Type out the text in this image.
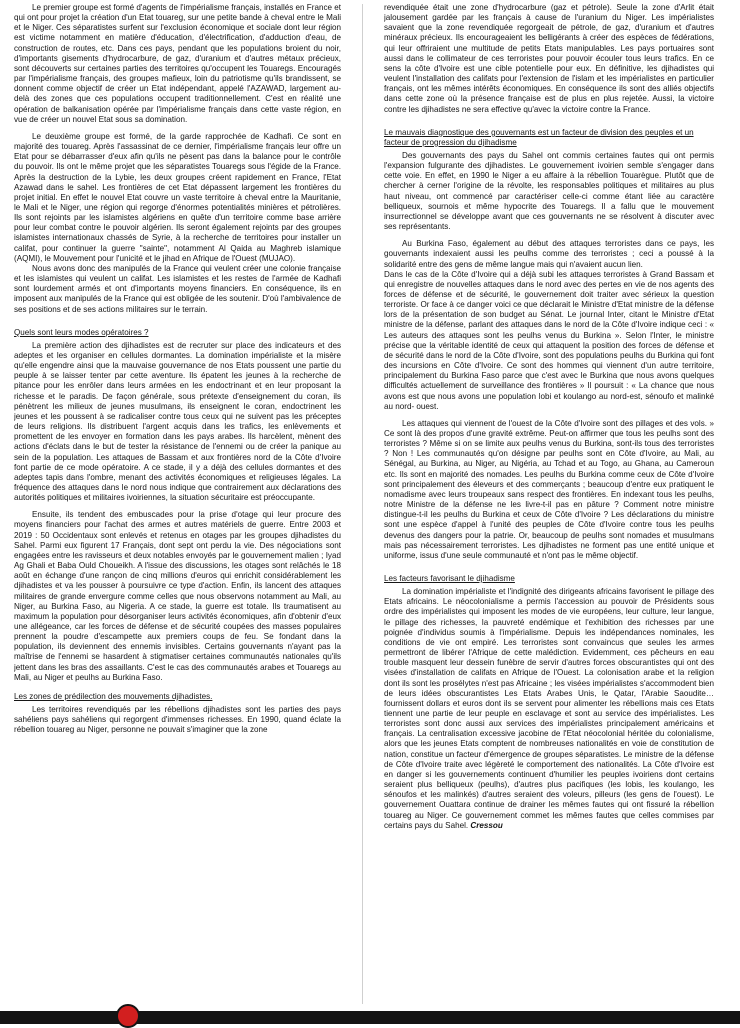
Le premier groupe est formé d'agents de l'impérialisme français, installés en France et qui ont pour projet la création d'un Etat touareg, sur une petite bande à cheval entre le Mali et le Niger. Ces séparatistes surfent sur l'exclusion économique et sociale dont leur région est victime notamment en matière d'éducation, d'électrification, d'adduction d'eau, de construction de routes, etc. Dans ces pays, pendant que les populations broient du noir, d'importants gisements d'hydrocarbure, de gaz, d'uranium et d'autres métaux précieux, sont découverts sur certaines parties des territoires qu'occupent les Touaregs. Encouragés par l'impérialisme français, des groupes mafieux, loin du patriotisme qu'ils brandissent, se donnent comme objectif de créer un Etat indépendant, appelé l'AZAWAD, largement au-delà des zones que ces populations occupent traditionnellement. C'est en réalité une opération de balkanisation opérée par l'impérialisme français dans cette vaste région, en vue de créer un nouvel Etat sous sa domination.

Le deuxième groupe est formé, de la garde rapprochée de Kadhafi. Ce sont en majorité des touareg. Après l'assassinat de ce dernier, l'impérialisme français leur offre un Etat pour se débarrasser d'eux afin qu'ils ne pèsent pas dans la balance pour le contrôle du pouvoir. Ils ont le même projet que les séparatistes Touaregs sous l'égide de la France. Après la destruction de la Lybie, les deux groupes créent rapidement en France, l'Etat Azawad dans le sahel. Les frontières de cet Etat dépassent largement les frontières du projet initial. En effet le nouvel Etat couvre un vaste territoire à cheval entre la Mauritanie, le Mali et le Niger, une région qui regorge d'énormes potentialités minières et pétrolières. Ils sont rejoints par les islamistes algériens en quête d'un territoire comme base arrière pour leur combat contre le pouvoir algérien. Ils seront également rejoints par des groupes islamistes internationaux chassés de Syrie, à la recherche de territoires pour installer un califat, pour continuer la guerre "sainte", notamment Al Qaida au Maghreb islamique (AQMI), le Mouvement pour l'unicité et le jihad en Afrique de l'Ouest (MUJAO).

Nous avons donc des manipulés de la France qui veulent créer une colonie française et les islamistes qui veulent un califat. Les islamistes et les restes de l'armée de Kadhafi sont lourdement armés et ont d'importants moyens financiers. En conséquence, ils en imposent aux manipulés de la France qui est obligée de les soutenir. D'où l'ambivalence de ses positions et de ses actions militaires sur le terrain.

Quels sont leurs modes opératoires ?

La première action des djihadistes est de recruter sur place des indicateurs et des adeptes et les organiser en cellules dormantes. La domination impérialiste et la misère qu'elle engendre ainsi que la mauvaise gouvernance de nos Etats poussent une partie du peuple à se laisser tenter par cette aventure. Ils épatent les jeunes à la recherche de pitance pour les enrôler dans leurs armées en les endoctrinant et en leur proposant la richesse et le paradis. De façon générale, sous prétexte d'enseignement du coran, ils pénètrent les milieux de jeunes musulmans, ils enseignent le coran, endoctrinent les jeunes et les poussent à se radicaliser contre tous ceux qui ne suivent pas les préceptes de leurs religions. Ils distribuent l'argent acquis dans les trafics, les enlèvements et promettent de les envoyer en formation dans les pays arabes. Ils harcèlent, mènent des actions d'éclats dans le but de tester la résistance de l'ennemi ou de créer la panique au sein de la population. Les attaques de Bassam et aux frontières nord de la Côte d'Ivoire font partie de ce mode opératoire. A ce stade, il y a déjà des cellules dormantes et des adeptes tapis dans l'ombre, menant des activités économiques et religieuses légales. La fréquence des attaques dans le nord nous indique que contrairement aux déclarations des autorités politiques et militaires ivoiriennes, la situation sécuritaire est préoccupante.

Ensuite, ils tendent des embuscades pour la prise d'otage qui leur procure des moyens financiers pour l'achat des armes et autres matériels de guerre. Entre 2003 et 2019 : 50 Occidentaux sont enlevés et retenus en otages par les groupes djihadistes du Sahel. Parmi eux figurent 17 Français, dont sept ont perdu la vie. Des négociations sont engagées entre les ravisseurs et deux notables envoyés par le gouvernement malien ; Iyad Ag Ghali et Baba Ould Choueikh. A l'issue des discussions, les otages sont relâchés le 18 août en échange d'une rançon de cinq millions d'euros qui enrichit considérablement les djihadistes et va les pousser à poursuivre ce type d'action. Enfin, ils lancent des attaques militaires de grande envergure comme celles que nous observons notamment au Mali, au Niger, au Burkina Faso, au Nigeria. A ce stade, la guerre est totale. Ils traumatisent au maximum la population pour désorganiser leurs activités économiques, afin d'obtenir d'eux une allégeance, car les forces de défense et de sécurité coupées des masses populaires prennent la poudre d'escampette aux premiers coups de feu. Se fondant dans la population, ils deviennent des ennemis invisibles. Certains gouvernants n'ayant pas la maîtrise de l'ennemi se hasardent à stigmatiser certaines communautés nationales qu'ils jettent dans les bras des assaillants. C'est le cas des communautés arabes et Touaregs au Mali, au Niger et peulhs au Burkina Faso.

Les zones de prédilection des mouvements djihadistes.

Les territoires revendiqués par les rébellions djihadistes sont les parties des pays sahéliens pays sahéliens qui regorgent d'immenses richesses. En 1990, quand éclate la rébellion touareg au Niger, personne ne pouvait s'imaginer que la zone

revendiquée était une zone d'hydrocarbure (gaz et pétrole). Seule la zone d'Arlit était jalousement gardée par les français à cause de l'uranium du Niger. Les impérialistes savaient que la zone revendiquée regorgeait de pétrole, de gaz, d'uranium et d'autres minéraux précieux. Ils encourageaient les belligérants à créer des espèces de fédérations, qui leur offriraient une multitude de petits Etats manipulables. Les pays portuaires sont aussi dans le collimateur de ces terroristes pour pouvoir écouler tous leurs trafics. En ce sens la côte d'Ivoire est une cible potentielle pour eux. En définitive, les djihadistes qui veulent l'installation des califats pour l'extension de l'islam et les impérialistes en particulier français, ont les mêmes intérêts économiques. En conséquence ils sont des alliés objectifs dans cette zone où la présence française est de plus en plus rejetée. Aussi, la victoire contre les djihadistes ne sera effective qu'avec la victoire contre la France.

Le mauvais diagnostique des gouvernants est un facteur de division des peuples et un facteur de progression du djihadisme

Des gouvernants des pays du Sahel ont commis certaines fautes qui ont permis l'expansion fulgurante des djihadistes. Le gouvernement ivoirien semble s'engager dans cette voie. En effet, en 1990 le Niger a eu affaire à la rébellion Touarègue. Plutôt que de chercher à cerner l'origine de la révolte, les responsables politiques et militaires au plus haut niveau, ont commencé par caractériser celle-ci comme étant liée au caractère belliqueux, sournois et même hypocrite des Touaregs. Il a fallu que le mouvement insurrectionnel se développe avant que ces gouvernants ne se résolvent à discuter avec ses représentants.

Au Burkina Faso, également au début des attaques terroristes dans ce pays, les gouvernants indexaient aussi les peulhs comme des terroristes ; ceci a poussé à la solidarité entre des gens de même langue mais qui n'avaient aucun lien.

Dans le cas de la Côte d'Ivoire qui a déjà subi les attaques terroristes à Grand Bassam et qui enregistre de nouvelles attaques dans le nord avec des pertes en vie de nos agents des forces de défense et de sécurité, le gouvernement doit traiter avec sérieux la question terroriste. Or face à ce danger voici ce que déclarait le Ministre d'Etat ministre de la défense lors de la présentation de son budget au Sénat. Le journal Inter, citant le Ministre d'Etat ministre de la défense, parlant des attaques dans le nord de la Côte d'Ivoire indique ceci : « Les auteurs des attaques sont les peulhs venus du Burkina ». Selon l'Inter, le ministre précise que la véritable identité de ceux qui attaquent la position des forces de défense et de sécurité dans le nord de la Côte d'Ivoire, sont des populations peulhs du Burkina qui font des incursions en Côte d'Ivoire. Ce sont des hommes qui viennent d'un autre territoire, principalement du Burkina Faso parce que c'est avec le Burkina que nous avons quelques difficultés actuellement de surveillance des frontières » Il poursuit : « La chance que nous avons est que nous avons une population lobi et koulango au nord-est, sénoufo et malinké au nord- ouest.

Les attaques qui viennent de l'ouest de la Côte d'Ivoire sont des pillages et des vols. » Ce sont là des propos d'une gravité extrême. Peut-on affirmer que tous les peulhs sont des terroristes ? Même si on se limite aux peulhs venus du Burkina, sont-ils tous des terroristes ? Non ! Les communautés qu'on désigne par peulhs sont en Côte d'Ivoire, au Mali, au Sénégal, au Burkina, au Niger, au Nigéria, au Tchad et au Togo, au Ghana, au Cameroun etc. Ils sont en majorité des nomades. Les peulhs du Burkina comme ceux de Côte d'Ivoire sont principalement des éleveurs et des commerçants ; beaucoup d'entre eux pratiquent le nomadisme avec leurs troupeaux sans respect des frontières. En indexant tous les peulhs, notre Ministre de la défense ne les livre-t-il pas en pâture ? Comment notre ministre distingue-t-il les peulhs du Burkina et ceux de Côte d'Ivoire ? Les déclarations du ministre sont une espèce d'appel à l'unité des peuples de Côte d'Ivoire contre tous les peulhs devenus des dangers pour la patrie. Or, beaucoup de peulhs sont nomades et musulmans mais pas nécessairement terroristes. Les djihadistes ne forment pas une entité unique et uniforme, issus d'une seule communauté et n'ont pas le même objectif.

Les facteurs favorisant le djihadisme

La domination impérialiste et l'indignité des dirigeants africains favorisent le pillage des Etats africains. Le néocolonialisme a permis l'accession au pouvoir de Présidents sous ordre des impérialistes qui imposent les modes de vie européens, leur culture, leur langue, le pillage des richesses, la pauvreté endémique et l'exhibition des richesses par une poignée d'individus soumis à l'impérialisme. Depuis les indépendances nominales, les conditions de vie ont empiré. Les terroristes sont convaincus que seules les armes permettront de libérer l'Afrique de cette malédiction. Evidemment, ces pêcheurs en eau trouble masquent leur dessein funèbre de servir d'autres forces obscurantistes qui ont des visées d'installation de califats en Afrique de l'Ouest. La colonisation arabe et la religion dont ils sont les prosélytes n'est pas Africaine ; les visées impérialistes s'accommodent bien de leurs idées obscurantistes Les Etats Arabes Unis, le Qatar, l'Arabie Saoudite… fournissent dollars et euros dont ils se servent pour alimenter les rébellions mais ces Etats tiennent une partie de leur peuple en esclavage et sont au service des impérialistes. Les terroristes sont donc aussi aux services des impérialistes principalement américains et français. La centralisation excessive jacobine de l'Etat néocolonial héritée du colonialisme, alors que les jeunes Etats comptent de nombreuses nationalités en voie de constitution de nation, constitue un facteur d'émergence de groupes séparatistes. Le ministre de la défense de Côte d'Ivoire traite avec légèreté le comportement des nationalités. La Côte d'Ivoire est en danger si les gouvernements continuent d'humilier les peuples ivoiriens dont certains seraient plus belliqueux (peulhs), d'autres plus pacifiques (les lobis, les koulango, les sénoufos et les malinkés) d'autres seraient des voleurs, pilleurs (les gens de l'ouest). Le gouvernement Ouattara continue de drainer les mêmes fautes qui ont fissuré la rébellion touareg au Niger. Ce gouvernement commet les mêmes fautes que celles commises par certains pays du Sahel. Cressou
